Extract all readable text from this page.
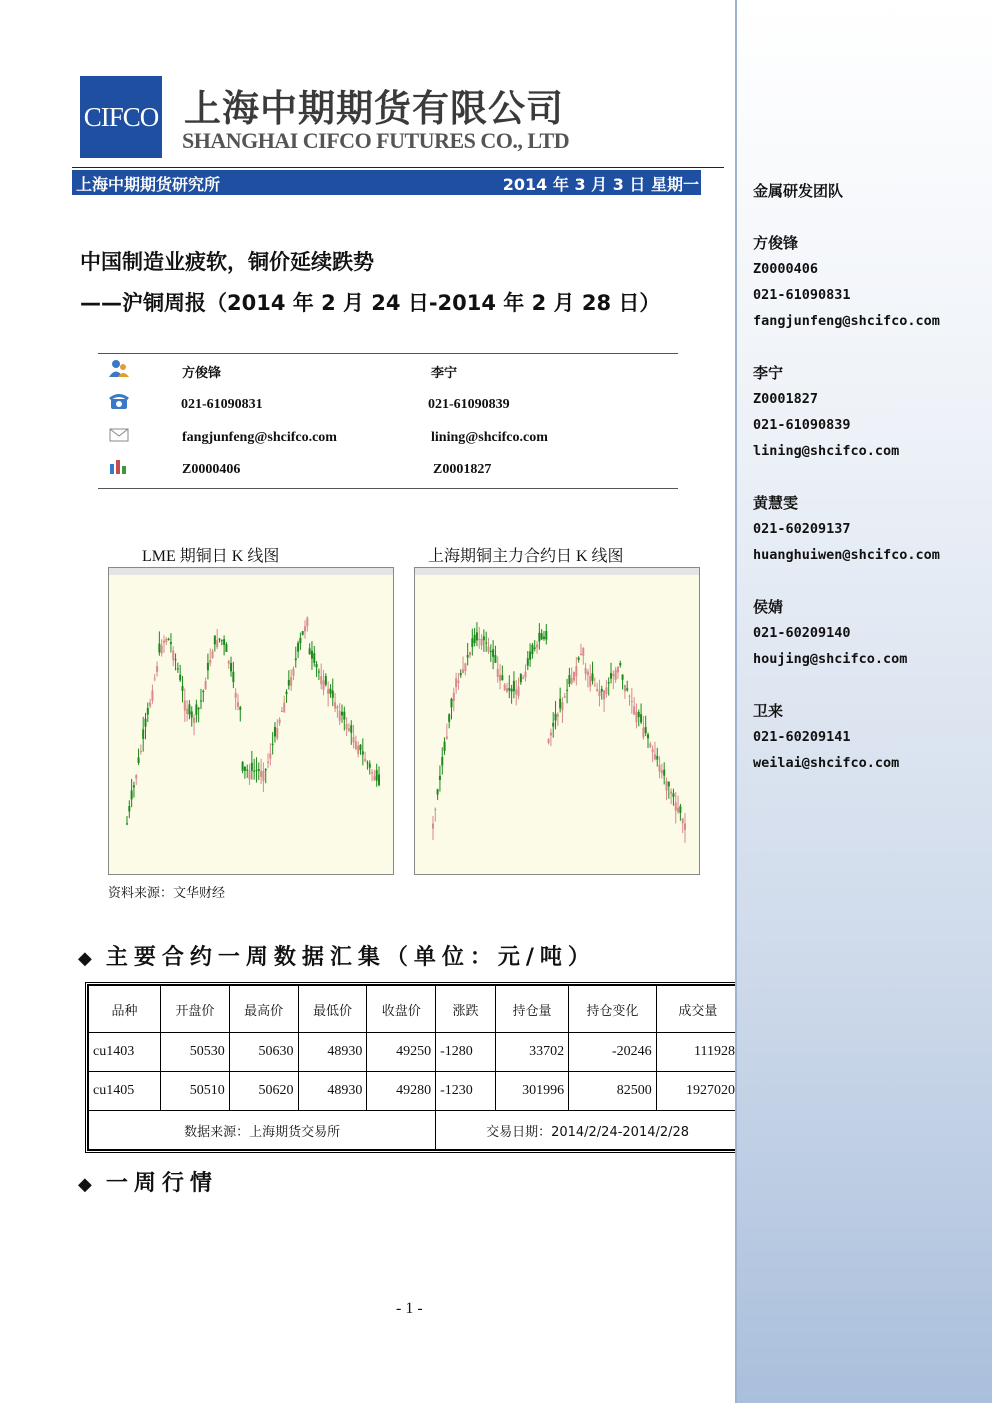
CIFCO 上海中期期货有限公司
SHANGHAI CIFCO FUTURES CO., LTD
上海中期期货研究所	2014 年 3 月 3 日 星期一
中国制造业疲软，铜价延续跌势
——沪铜周报（2014 年 2 月 24 日-2014 年 2 月 28 日）
方俊锋	李宁
021-61090831	021-61090839
fangjunfeng@shcifco.com	lining@shcifco.com
Z0000406	Z0001827
LME 期铜日 K 线图	上海期铜主力合约日 K 线图
资料来源：文华财经
◆ 主要合约一周数据汇集（单位：元/吨）
品种	开盘价	最高价	最低价	收盘价	涨跌	持仓量	持仓变化	成交量
cu1403	50530	50630	48930	49250	-1280	33702	-20246	111928
cu1405	50510	50620	48930	49280	-1230	301996	82500	1927020
数据来源：上海期货交易所					交易日期：2014/2/24-2014/2/28			
◆ 一周行情
- 1 -
金属研发团队
方俊锋
Z0000406
021-61090831
fangjunfeng@shcifco.com
李宁
Z0001827
021-61090839
lining@shcifco.com
黄慧雯
021-60209137
huanghuiwen@shcifco.com
侯婧
021-60209140
houjing@shcifco.com
卫来
021-60209141
weilai@shcifco.com
